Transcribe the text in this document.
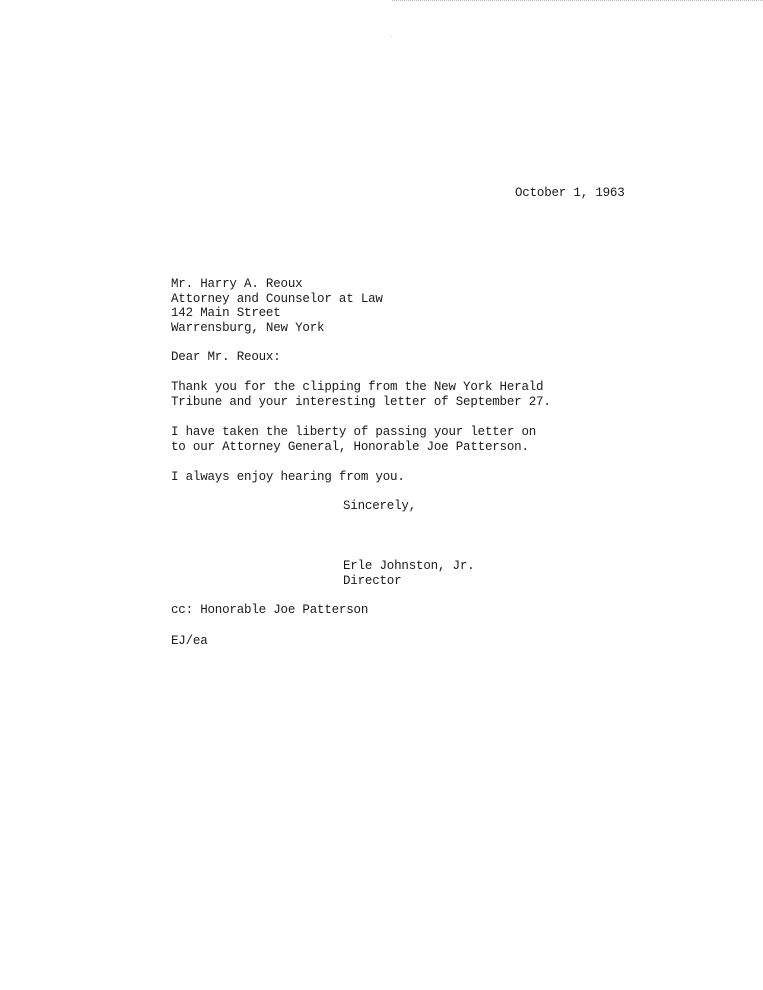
October 1, 1963
Mr. Harry A. Reoux
Attorney and Counselor at Law
142 Main Street
Warrensburg, New York
Dear Mr. Reoux:
Thank you for the clipping from the New York Herald
Tribune and your interesting letter of September 27.
I have taken the liberty of passing your letter on
to our Attorney General, Honorable Joe Patterson.
I always enjoy hearing from you.
Sincerely,
Erle Johnston, Jr.
Director
cc: Honorable Joe Patterson
EJ/ea
